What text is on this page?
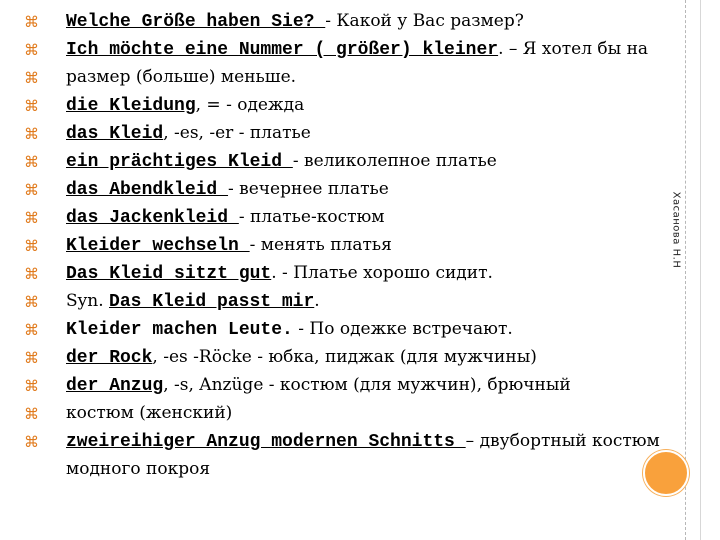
Хасанова Н.Н
⌘ Welche Größe haben Sie? - Какой у Вас размер?
⌘ Ich möchte eine Nummer ( größer) kleiner. – Я хотел бы на
⌘ размер (больше) меньше.
⌘ die Kleidung, = - одежда
⌘ das Kleid, -es, -er - платье
⌘ ein prächtiges Kleid - великолепное платье
⌘ das Abendkleid - вечернее платье
⌘ das Jackenkleid - платье-костюм
⌘ Kleider wechseln - менять платья
⌘ Das Kleid sitzt gut. - Платье хорошо сидит.
⌘ Syn. Das Kleid passt mir.
⌘ Kleider machen Leute. - По одежке встречают.
⌘ der Rock, -es -Röcke - юбка, пиджак (для мужчины)
⌘ der Anzug, -s, Anzüge - костюм (для мужчин), брючный
⌘ костюм (женский)
⌘ zweireihiger Anzug modernen Schnitts – двубортный костюм модного покроя
